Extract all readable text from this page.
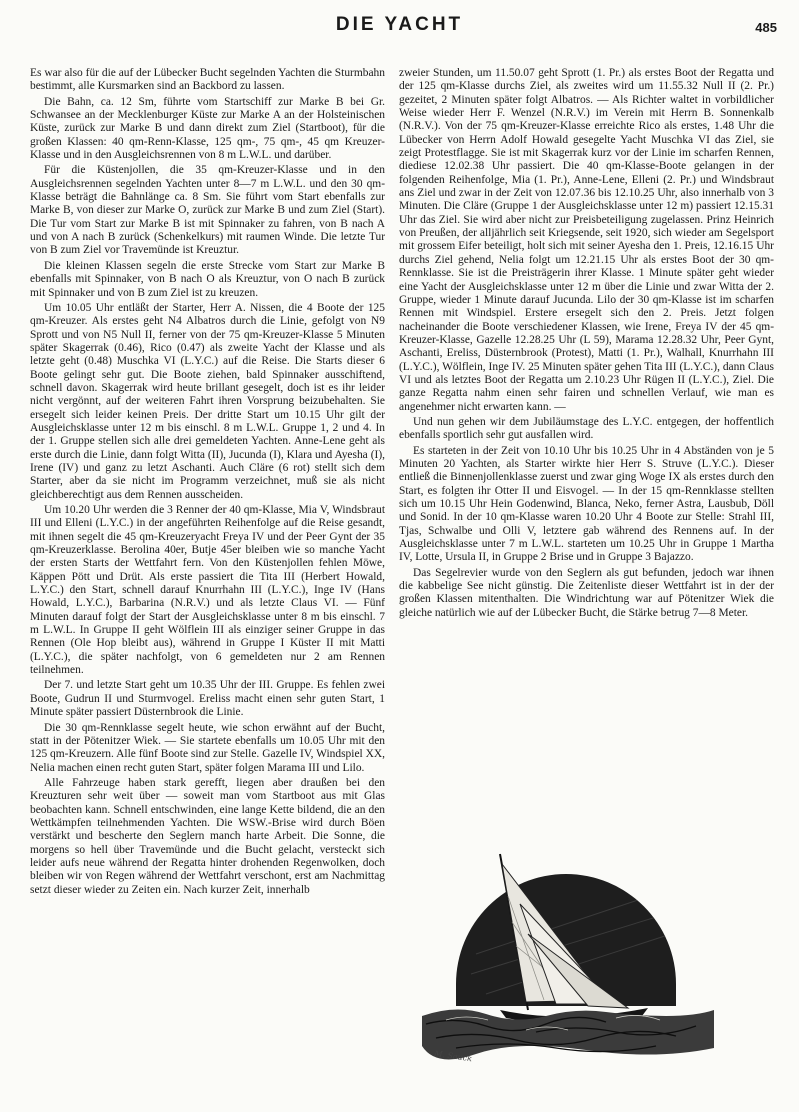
DIE YACHT	485

Es war also für die auf der Lübecker Bucht segelnden Yachten die Sturmbahn bestimmt, alle Kursmarken sind an Backbord zu lassen.

Die Bahn, ca. 12 Sm, führte vom Startschiff zur Marke B bei Gr. Schwansee an der Mecklenburger Küste zur Marke A an der Holsteinischen Küste, zurück zur Marke B und dann direkt zum Ziel (Startboot), für die großen Klassen: 40 qm-Renn-Klasse, 125 qm-, 75 qm-, 45 qm Kreuzer-Klasse und in den Ausgleichsrennen von 8 m L.W.L. und darüber.

Für die Küstenjollen, die 35 qm-Kreuzer-Klasse und in den Ausgleichsrennen segelnden Yachten unter 8—7 m L.W.L. und den 30 qm-Klasse beträgt die Bahnlänge ca. 8 Sm. Sie führt vom Start ebenfalls zur Marke B, von dieser zur Marke O, zurück zur Marke B und zum Ziel (Start). Die Tur vom Start zur Marke B ist mit Spinnaker zu fahren, von B nach A und von A nach B zurück (Schenkelkurs) mit raumen Winde. Die letzte Tur von B zum Ziel vor Travemünde ist Kreuztur.

Die kleinen Klassen segeln die erste Strecke vom Start zur Marke B ebenfalls mit Spinnaker, von B nach O als Kreuztur, von O nach B zurück mit Spinnaker und von B zum Ziel ist zu kreuzen.

Um 10.05 Uhr entläßt der Starter, Herr A. Nissen, die 4 Boote der 125 qm-Kreuzer. Als erstes geht N4 Albatros durch die Linie, gefolgt von N9 Sprott und von N5 Null II, ferner von der 75 qm-Kreuzer-Klasse 5 Minuten später Skagerrak (0.46), Rico (0.47) als zweite Yacht der Klasse und als letzte geht (0.48) Muschka VI (L.Y.C.) auf die Reise. Die Starts dieser 6 Boote gelingt sehr gut. Die Boote ziehen, bald Spinnaker ausschiftend, schnell davon. Skagerrak wird heute brillant gesegelt, doch ist es ihr leider nicht vergönnt, auf der weiteren Fahrt ihren Vorsprung beizubehalten. Sie ersegelt sich leider keinen Preis. Der dritte Start um 10.15 Uhr gilt der Ausgleichsklasse unter 12 m bis einschl. 8 m L.W.L. Gruppe 1, 2 und 4. In der 1. Gruppe stellen sich alle drei gemeldeten Yachten. Anne-Lene geht als erste durch die Linie, dann folgt Witta (II), Jucunda (I), Klara und Ayesha (I), Irene (IV) und ganz zu letzt Aschanti. Auch Cläre (6 rot) stellt sich dem Starter, aber da sie nicht im Programm verzeichnet, muß sie als nicht gleichberechtigt aus dem Rennen ausscheiden.

Um 10.20 Uhr werden die 3 Renner der 40 qm-Klasse, Mia V, Windsbraut III und Elleni (L.Y.C.) in der angeführten Reihenfolge auf die Reise gesandt, mit ihnen segelt die 45 qm-Kreuzeryacht Freya IV und der Peer Gynt der 35 qm-Kreuzerklasse. Berolina 40er, Butje 45er bleiben wie so manche Yacht der ersten Starts der Wettfahrt fern. Von den Küstenjollen fehlen Möwe, Käppen Pött und Drüt. Als erste passiert die Tita III (Herbert Howald, L.Y.C.) den Start, schnell darauf Knurrhahn III (L.Y.C.), Inge IV (Hans Howald, L.Y.C.), Barbarina (N.R.V.) und als letzte Claus VI. — Fünf Minuten darauf folgt der Start der Ausgleichsklasse unter 8 m bis einschl. 7 m L.W.L. In Gruppe II geht Wölflein III als einziger seiner Gruppe in das Rennen (Ole Hop bleibt aus), während in Gruppe I Küster II mit Matti (L.Y.C.), die später nachfolgt, von 6 gemeldeten nur 2 am Rennen teilnehmen.

Der 7. und letzte Start geht um 10.35 Uhr der III. Gruppe. Es fehlen zwei Boote, Gudrun II und Sturmvogel. Ereliss macht einen sehr guten Start, 1 Minute später passiert Düsternbrook die Linie.

Die 30 qm-Rennklasse segelt heute, wie schon erwähnt auf der Bucht, statt in der Pötenitzer Wiek. — Sie startete ebenfalls um 10.05 Uhr mit den 125 qm-Kreuzern. Alle fünf Boote sind zur Stelle. Gazelle IV, Windspiel XX, Nelia machen einen recht guten Start, später folgen Marama III und Lilo.

Alle Fahrzeuge haben stark gerefft, liegen aber draußen bei den Kreuzturen sehr weit über — soweit man vom Startboot aus mit Glas beobachten kann. Schnell entschwinden, eine lange Kette bildend, die an den Wettkämpfen teilnehmenden Yachten. Die WSW.-Brise wird durch Böen verstärkt und bescherte den Seglern manch harte Arbeit. Die Sonne, die morgens so hell über Travemünde und die Bucht gelacht, versteckt sich leider aufs neue während der Regatta hinter drohenden Regenwolken, doch bleiben wir von Regen während der Wettfahrt verschont, erst am Nachmittag setzt dieser wieder zu Zeiten ein. Nach kurzer Zeit, innerhalb

zweier Stunden, um 11.50.07 geht Sprott (1. Pr.) als erstes Boot der Regatta und der 125 qm-Klasse durchs Ziel, als zweites wird um 11.55.32 Null II (2. Pr.) gezeitet, 2 Minuten später folgt Albatros. — Als Richter waltet in vorbildlicher Weise wieder Herr F. Wenzel (N.R.V.) im Verein mit Herrn B. Sonnenkalb (N.R.V.). Von der 75 qm-Kreuzer-Klasse erreichte Rico als erstes, 1.48 Uhr die Lübecker von Herrn Adolf Howald gesegelte Yacht Muschka VI das Ziel, sie zeigt Protestflagge. Sie ist mit Skagerrak kurz vor der Linie im scharfen Rennen, diediese 12.02.38 Uhr passiert. Die 40 qm-Klasse-Boote gelangen in der folgenden Reihenfolge, Mia (1. Pr.), Anne-Lene, Elleni (2. Pr.) und Windsbraut ans Ziel und zwar in der Zeit von 12.07.36 bis 12.10.25 Uhr, also innerhalb von 3 Minuten. Die Cläre (Gruppe 1 der Ausgleichsklasse unter 12 m) passiert 12.15.31 Uhr das Ziel. Sie wird aber nicht zur Preisbeteiligung zugelassen. Prinz Heinrich von Preußen, der alljährlich seit Kriegsende, seit 1920, sich wieder am Segelsport mit grossem Eifer beteiligt, holt sich mit seiner Ayesha den 1. Preis, 12.16.15 Uhr durchs Ziel gehend, Nelia folgt um 12.21.15 Uhr als erstes Boot der 30 qm-Rennklasse. Sie ist die Preisträgerin ihrer Klasse. 1 Minute später geht wieder eine Yacht der Ausgleichsklasse unter 12 m über die Linie und zwar Witta der 2. Gruppe, wieder 1 Minute darauf Jucunda. Lilo der 30 qm-Klasse ist im scharfen Rennen mit Windspiel. Erstere ersegelt sich den 2. Preis. Jetzt folgen nacheinander die Boote verschiedener Klassen, wie Irene, Freya IV der 45 qm-Kreuzer-Klasse, Gazelle 12.28.25 Uhr (L 59), Marama 12.28.32 Uhr, Peer Gynt, Aschanti, Ereliss, Düsternbrook (Protest), Matti (1. Pr.), Walhall, Knurrhahn III (L.Y.C.), Wölflein, Inge IV. 25 Minuten später gehen Tita III (L.Y.C.), dann Claus VI und als letztes Boot der Regatta um 2.10.23 Uhr Rügen II (L.Y.C.), Ziel. Die ganze Regatta nahm einen sehr fairen und schnellen Verlauf, wie man es angenehmer nicht erwarten kann. —

Und nun gehen wir dem Jubiläumstage des L.Y.C. entgegen, der hoffentlich ebenfalls sportlich sehr gut ausfallen wird.

Es starteten in der Zeit von 10.10 Uhr bis 10.25 Uhr in 4 Abständen von je 5 Minuten 20 Yachten, als Starter wirkte hier Herr S. Struve (L.Y.C.). Dieser entließ die Binnenjollenklasse zuerst und zwar ging Woge IX als erstes durch den Start, es folgten ihr Otter II und Eisvogel. — In der 15 qm-Rennklasse stellten sich um 10.15 Uhr Hein Godenwind, Blanca, Neko, ferner Astra, Lausbub, Döll und Sonid. In der 10 qm-Klasse waren 10.20 Uhr 4 Boote zur Stelle: Strahl III, Tjas, Schwalbe und Olli V, letztere gab während des Rennens auf. In der Ausgleichsklasse unter 7 m L.W.L. starteten um 10.25 Uhr in Gruppe 1 Martha IV, Lotte, Ursula II, in Gruppe 2 Brise und in Gruppe 3 Bajazzo.

Das Segelrevier wurde von den Seglern als gut befunden, jedoch war ihnen die kabbelige See nicht günstig. Die Zeitenliste dieser Wettfahrt ist in der der großen Klassen mitenthalten. Die Windrichtung war auf Pötenitzer Wiek die gleiche natürlich wie auf der Lübecker Bucht, die Stärke betrug 7—8 Meter.

M. Sauck
